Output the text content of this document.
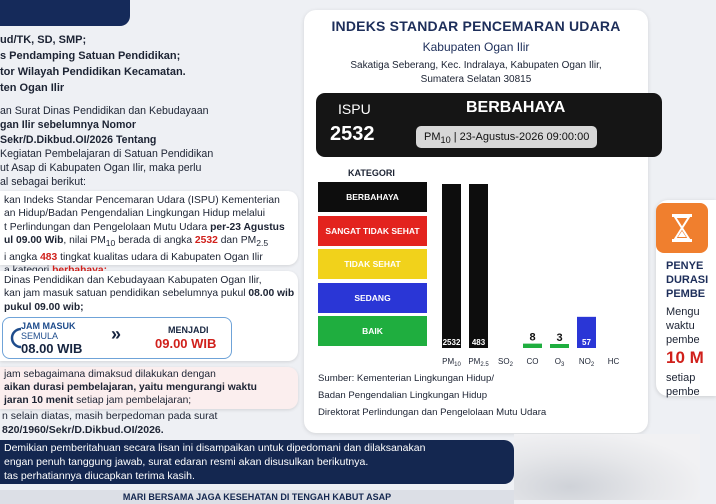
ud/TK, SD, SMP;
s Pendamping Satuan Pendidikan;
tor Wilayah Pendidikan Kecamatan.
ten Ogan Ilir
an Surat Dinas Pendidikan dan Kebudayaan
gan Ilir sebelumnya Nomor
Sekr/D.Dikbud.OI/2026 Tentang
Kegiatan Pembelajaran di Satuan Pendidikan
ut Asap di Kabupaten Ogan Ilir, maka perlu
al sebagai berikut:
kan Indeks Standar Pencemaran Udara (ISPU) Kementerian
an Hidup/Badan Pengendalian Lingkungan Hidup melalui
t Perlindungan dan Pengelolaan Mutu Udara per-23 Agustus
ul 09.00 Wib, nilai $PM_{10}$ berada di angka 2532 dan $PM_{2.5}$
i angka 483 tingkat kualitas udara di Kabupaten Ogan Ilir
Dinas Pendidikan dan Kebudayaan Kabupaten Ogan Ilir,
kan jam masuk satuan pendidikan sebelumnya pukul 08.00 wib
pukul 09.00 wib;
JAM MASUK
SEMULA
08.00 WIB
»	MENJADI
09.00 WIB
jam sebagaimana dimaksud dilakukan dengan
aikan durasi pembelajaran, yaitu mengurangi waktu
jaran 10 menit setiap jam pembelajaran;
n selain diatas, masih berpedoman pada surat
820/1960/Sekr/D.Dikbud.OI/2026.
INDEKS STANDAR PENCEMARAN UDARA
Kabupaten Ogan Ilir
Sakatiga Seberang, Kec. Indralaya, Kabupaten Ogan Ilir,
Sumatera Selatan 30815
ISPU
2532
BERBAHAYA
$PM_{10}$ | 23-Agustus-2026 09:00:00
KATEGORI
BERBAHAYA
SANGAT TIDAK SEHAT
TIDAK SEHAT
SEDANG
BAIK
2532
$PM_{10}$
483
$PM_{2.5}$ $SO_2$
8
CO
3
$O_3$
57
$NO_2$ HC
Sumber: Kementerian Lingkungan Hidup/
Badan Pengendalian Lingkungan Hidup
Direktorat Perlindungan dan Pengelolaan Mutu Udara
PENYE
DURASI
PEMBE
Mengu
waktu
pembe
10 M
setiap
pembe
Demikian pemberitahuan secara lisan ini disampaikan untuk dipedomani dan dilaksanakan
engan penuh tanggung jawab, surat edaran resmi akan disusulkan berikutnya.
tas perhatiannya diucapkan terima kasih.
MARI BERSAMA JAGA KESEHATAN DI TENGAH KABUT ASAP
